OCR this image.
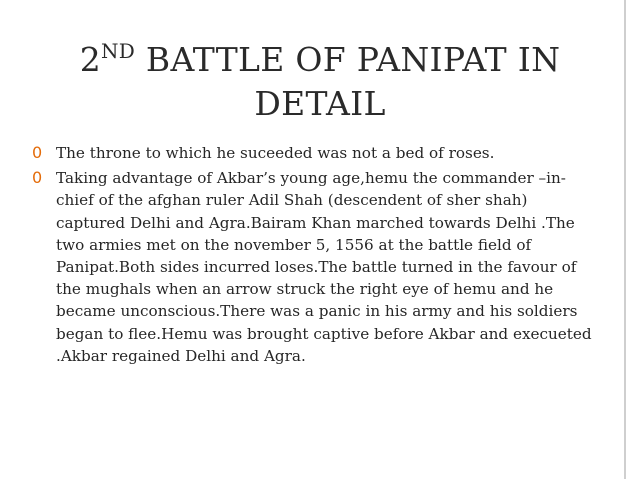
2ND BATTLE OF PANIPAT IN
DETAIL
0 The throne to which he suceeded was not a bed of roses.
0 Taking advantage of Akbar’s young age,hemu the commander –in-chief of the afghan ruler Adil Shah (descendent of sher shah) captured Delhi and Agra.Bairam Khan marched towards Delhi .The two armies met on the november 5, 1556 at the battle field of Panipat.Both sides incurred loses.The battle turned in the favour of the mughals when an arrow struck the right eye of hemu and he became unconscious.There was a panic in his army and his soldiers began to flee.Hemu was brought captive before Akbar and execueted .Akbar regained Delhi and Agra.
